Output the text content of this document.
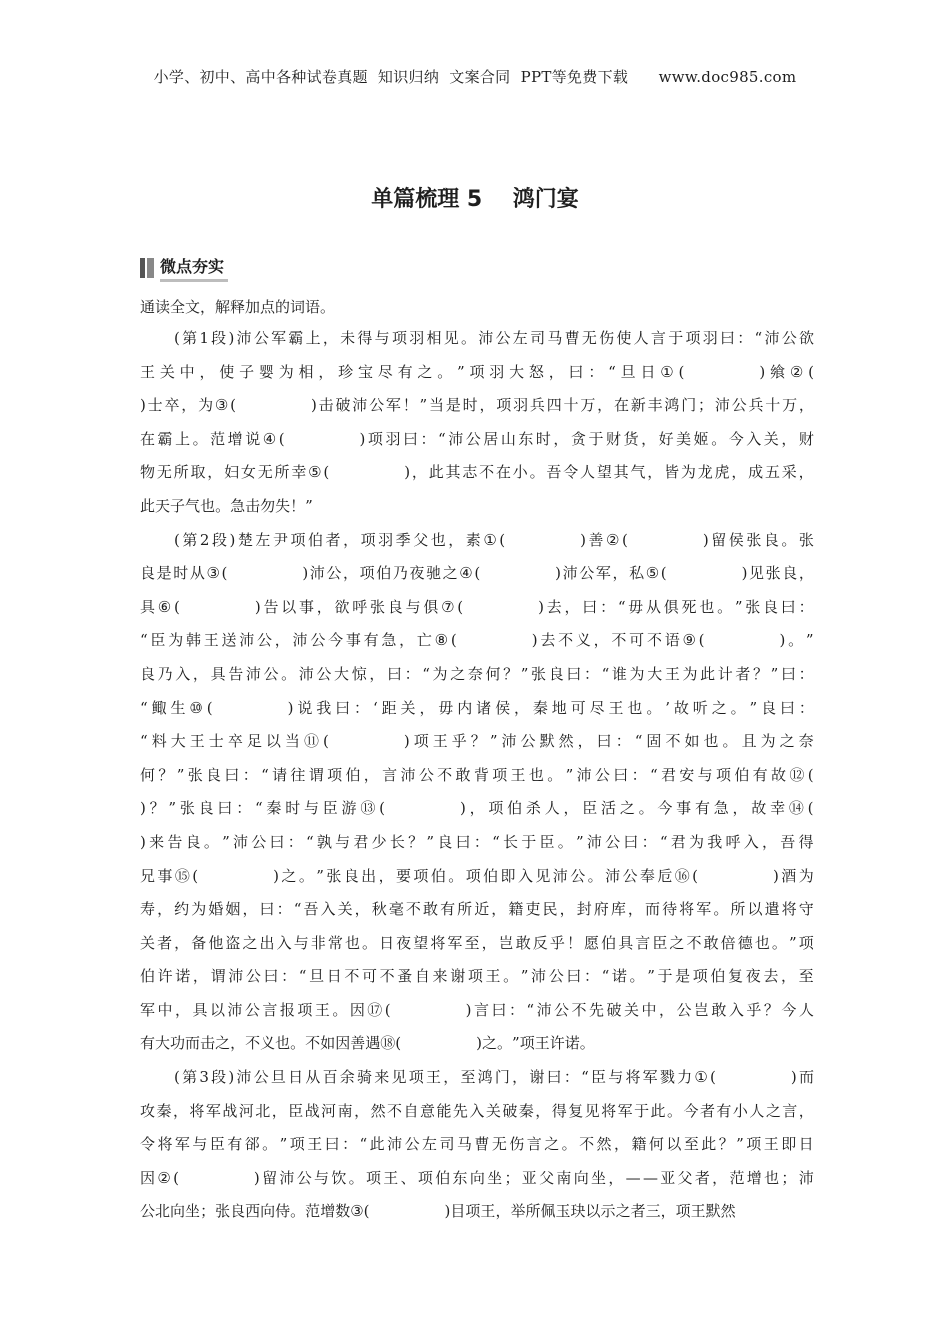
小学、初中、高中各种试卷真题  知识归纳  文案合同  PPT等免费下载      www.doc985.com
单篇梳理 5    鸿门宴
微点夯实
通读全文，解释加点的词语。
( 第 1 段 ) 沛 公 军 霸 上 ， 未 得 与 项 羽 相 见 。 沛 公 左 司 马 曹 无 伤 使 人 言 于 项 羽 曰 ： “ 沛 公 欲
王 关 中 ， 使 子 婴 为 相 ， 珍 宝 尽 有 之 。 ” 项 羽 大 怒 ， 曰 ： “ 旦 日 ① (     ) 飨 ② (
) 士 卒 ， 为 ③ (     ) 击 破 沛 公 军 ！ ” 当 是 时 ， 项 羽 兵 四 十 万 ， 在 新 丰 鸿 门 ； 沛 公 兵 十 万 ，
在 霸 上 。 范 增 说 ④ (     ) 项 羽 曰 ： “ 沛 公 居 山 东 时 ， 贪 于 财 货 ， 好 美 姬 。 今 入 关 ， 财
物 无 所 取 ， 妇 女 无 所 幸 ⑤ (     ) ， 此 其 志 不 在 小 。 吾 令 人 望 其 气 ， 皆 为 龙 虎 ， 成 五 采 ，
此 天 子 气 也 。 急 击 勿 失 ！ ”
( 第 2 段 ) 楚 左 尹 项 伯 者 ， 项 羽 季 父 也 ， 素 ① (     ) 善 ② (     ) 留 侯 张 良 。 张
良 是 时 从 ③ (     ) 沛 公 ， 项 伯 乃 夜 驰 之 ④ (     ) 沛 公 军 ， 私 ⑤ (     ) 见 张 良 ，
具 ⑥ (     ) 告 以 事 ， 欲 呼 张 良 与 俱 ⑦ (     ) 去 ， 曰 ： “ 毋 从 俱 死 也 。 ” 张 良 曰 ：
“ 臣 为 韩 王 送 沛 公 ， 沛 公 今 事 有 急 ， 亡 ⑧ (     ) 去 不 义 ， 不 可 不 语 ⑨ (     ) 。 ”
良 乃 入 ， 具 告 沛 公 。 沛 公 大 惊 ， 曰 ： “ 为 之 奈 何 ？ ” 张 良 曰 ： “ 谁 为 大 王 为 此 计 者 ？ ” 曰 ：
“ 鲰 生 ⑩ (     ) 说 我 曰 ： ‘ 距 关 ， 毋 内 诸 侯 ， 秦 地 可 尽 王 也 。 ’ 故 听 之 。 ” 良 曰 ：
“ 料 大 王 士 卒 足 以 当 ⑪ (     ) 项 王 乎 ？ ” 沛 公 默 然 ， 曰 ： “ 固 不 如 也 。 且 为 之 奈
何 ？ ” 张 良 曰 ： “ 请 往 谓 项 伯 ， 言 沛 公 不 敢 背 项 王 也 。 ” 沛 公 曰 ： “ 君 安 与 项 伯 有 故 ⑫ (
) ？ ” 张 良 曰 ： “ 秦 时 与 臣 游 ⑬ (     ) ， 项 伯 杀 人 ， 臣 活 之 。 今 事 有 急 ， 故 幸 ⑭ (
) 来 告 良 。 ” 沛 公 曰 ： “ 孰 与 君 少 长 ？ ” 良 曰 ： “ 长 于 臣 。 ” 沛 公 曰 ： “ 君 为 我 呼 入 ， 吾 得
兄 事 ⑮ (     ) 之 。 ” 张 良 出 ， 要 项 伯 。 项 伯 即 入 见 沛 公 。 沛 公 奉 卮 ⑯ (     ) 酒 为
寿 ， 约 为 婚 姻 ， 曰 ： “ 吾 入 关 ， 秋 毫 不 敢 有 所 近 ， 籍 吏 民 ， 封 府 库 ， 而 待 将 军 。 所 以 遣 将 守
关 者 ， 备 他 盗 之 出 入 与 非 常 也 。 日 夜 望 将 军 至 ， 岂 敢 反 乎 ！ 愿 伯 具 言 臣 之 不 敢 倍 德 也 。 ” 项
伯 许 诺 ， 谓 沛 公 曰 ： “ 旦 日 不 可 不 蚤 自 来 谢 项 王 。 ” 沛 公 曰 ： “ 诺 。 ” 于 是 项 伯 复 夜 去 ， 至
军 中 ， 具 以 沛 公 言 报 项 王 。 因 ⑰ (     ) 言 曰 ： “ 沛 公 不 先 破 关 中 ， 公 岂 敢 入 乎 ？ 今 人
有 大 功 而 击 之 ， 不 义 也 。 不 如 因 善 遇 ⑱ (     ) 之 。 ” 项 王 许 诺 。
( 第 3 段 ) 沛 公 旦 日 从 百 余 骑 来 见 项 王 ， 至 鸿 门 ， 谢 曰 ： “ 臣 与 将 军 戮 力 ① (     ) 而
攻 秦 ， 将 军 战 河 北 ， 臣 战 河 南 ， 然 不 自 意 能 先 入 关 破 秦 ， 得 复 见 将 军 于 此 。 今 者 有 小 人 之 言 ，
令 将 军 与 臣 有 郤 。 ” 项 王 曰 ： “ 此 沛 公 左 司 马 曹 无 伤 言 之 。 不 然 ， 籍 何 以 至 此 ？ ” 项 王 即 日
因 ② (     ) 留 沛 公 与 饮 。 项 王 、 项 伯 东 向 坐 ； 亚 父 南 向 坐 ， — — 亚 父 者 ， 范 增 也 ； 沛
公 北 向 坐 ； 张 良 西 向 侍 。 范 增 数 ③ (     ) 目 项 王 ， 举 所 佩 玉 玦 以 示 之 者 三 ， 项 王 默 然
